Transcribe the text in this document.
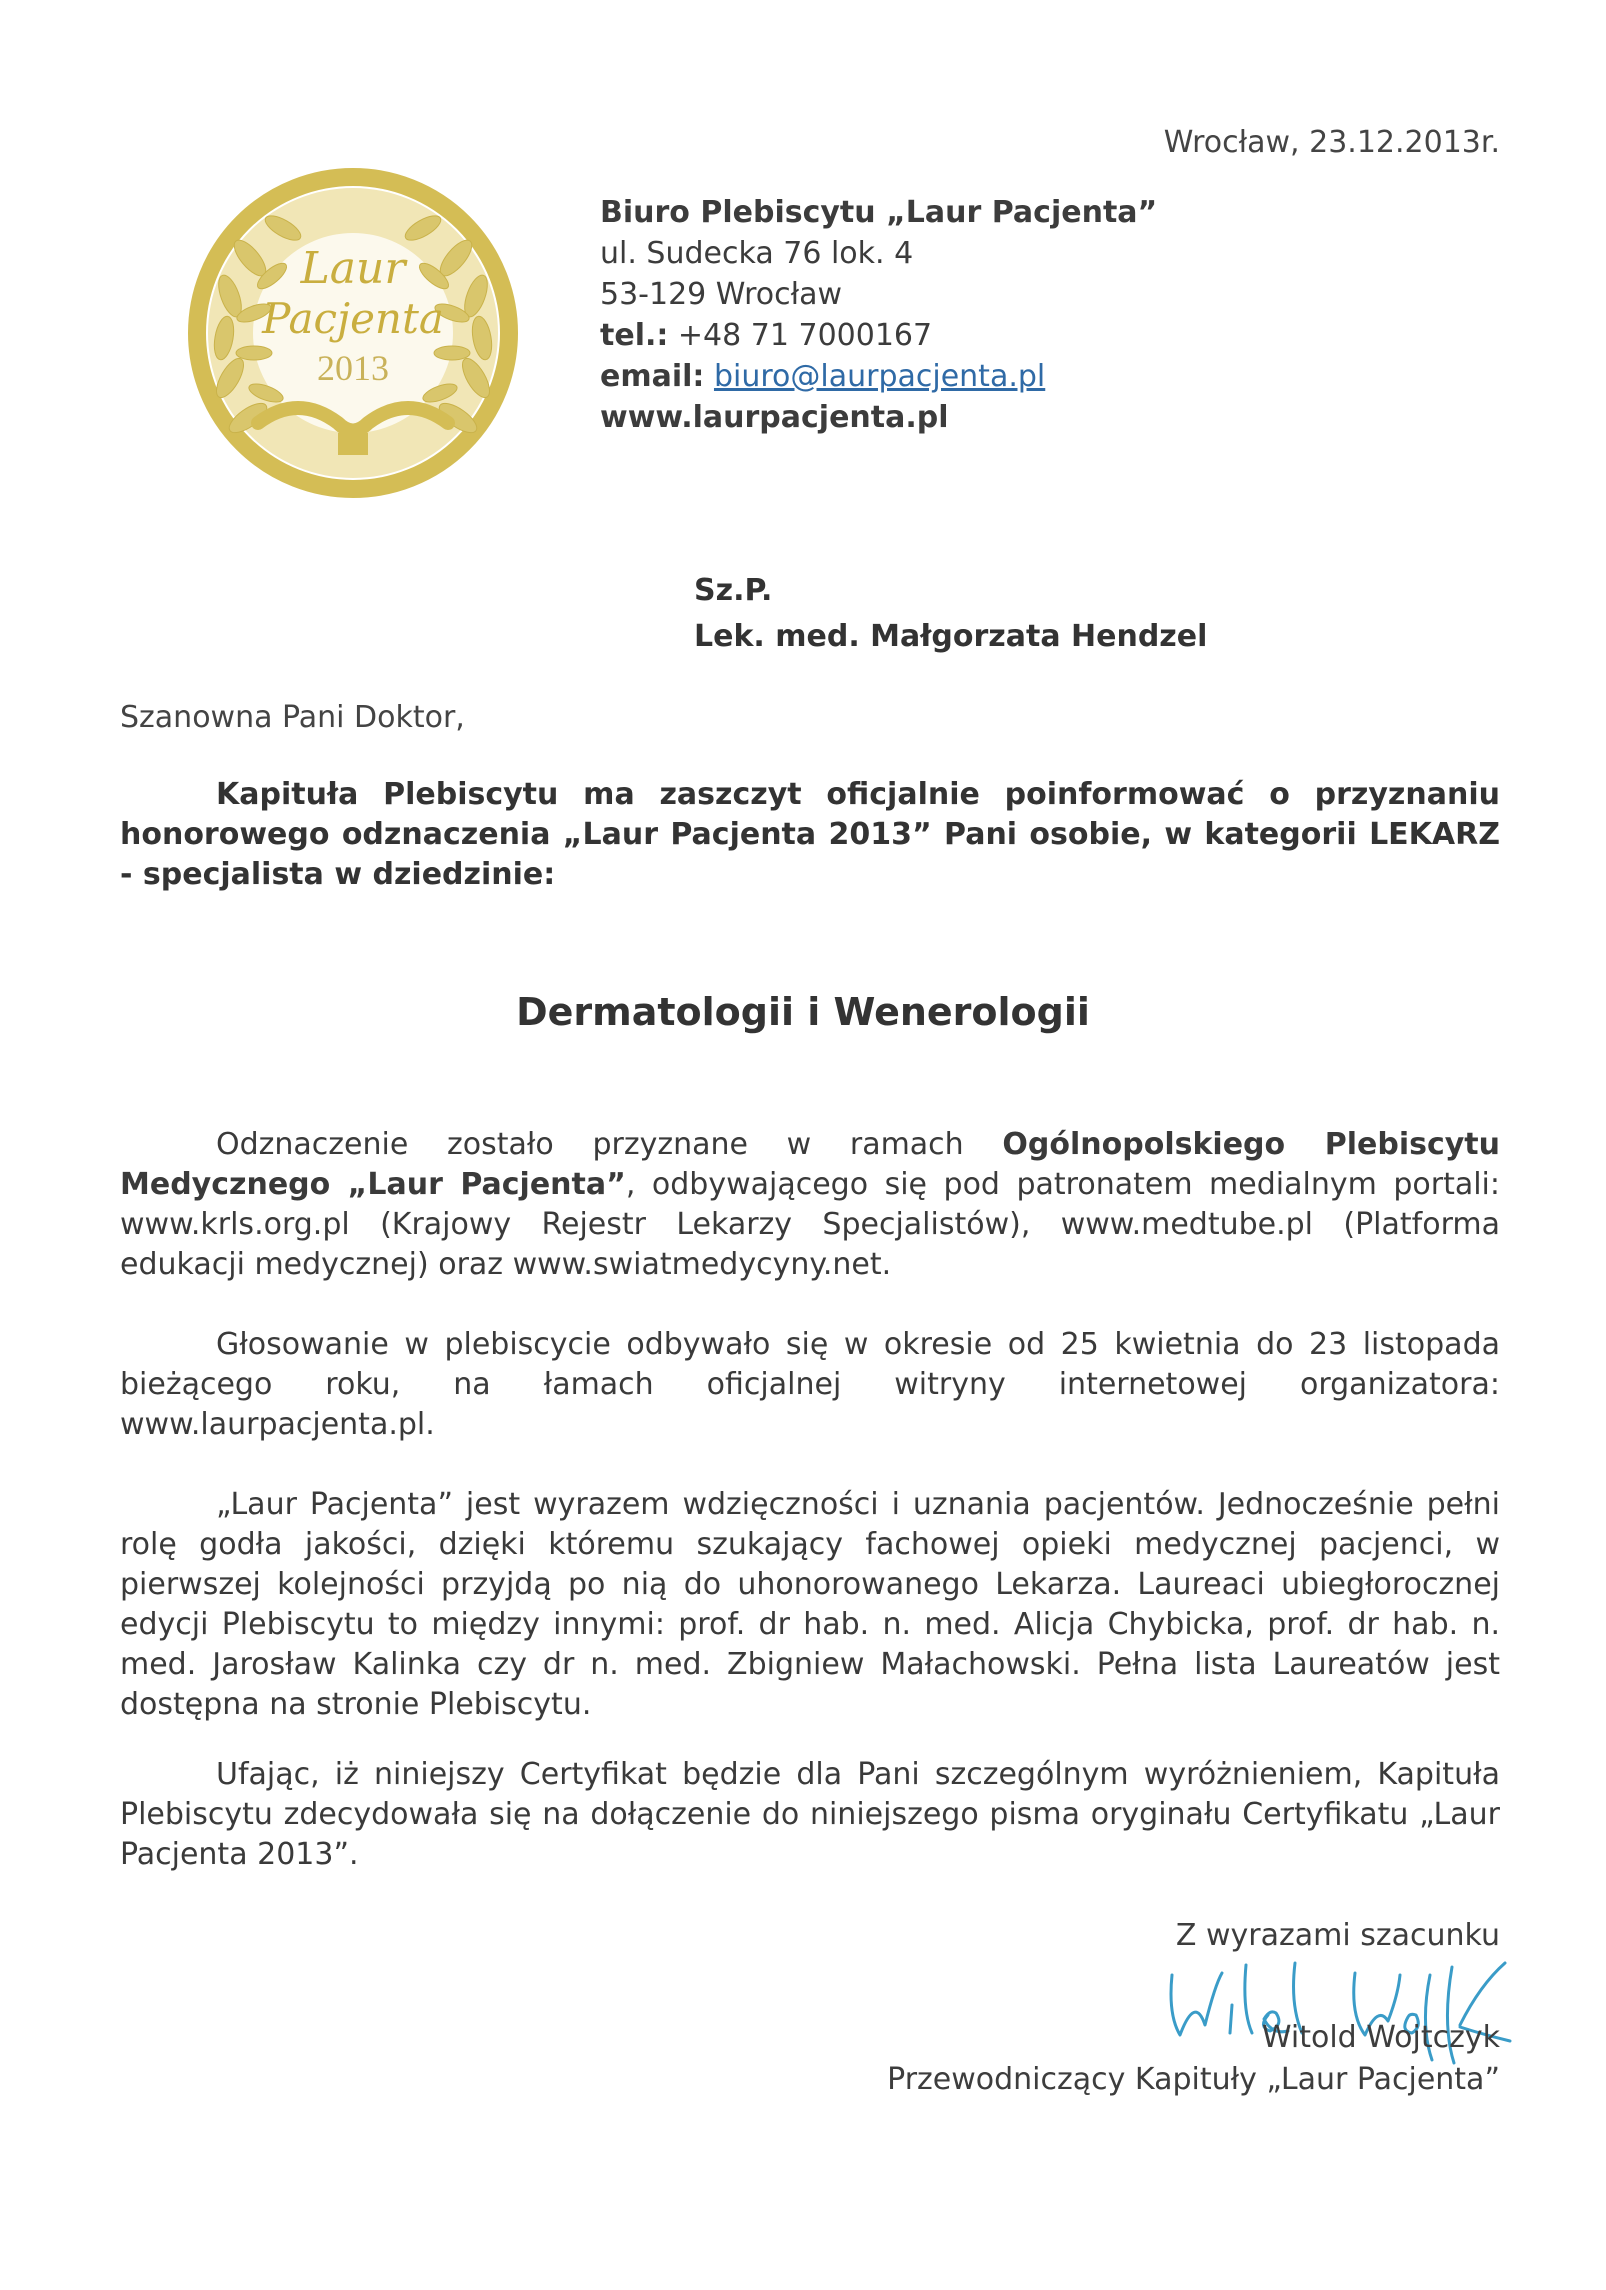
Wrocław, 23.12.2013r.
Laur
Pacjenta
2013
Biuro Plebiscytu „Laur Pacjenta”
ul. Sudecka 76 lok. 4
53-129 Wrocław
tel.: +48 71 7000167
email: biuro@laurpacjenta.pl
www.laurpacjenta.pl
Sz.P.
Lek. med. Małgorzata Hendzel
Szanowna Pani Doktor,
Kapituła Plebiscytu ma zaszczyt oficjalnie poinformować o przyznaniu honorowego odznaczenia „Laur Pacjenta 2013” Pani osobie, w kategorii LEKARZ - specjalista w dziedzinie:
Dermatologii i Wenerologii
Odznaczenie zostało przyznane w ramach Ogólnopolskiego Plebiscytu Medycznego „Laur Pacjenta”, odbywającego się pod patronatem medialnym portali: www.krls.org.pl (Krajowy Rejestr Lekarzy Specjalistów), www.medtube.pl (Platforma edukacji medycznej) oraz www.swiatmedycyny.net.
Głosowanie w plebiscycie odbywało się w okresie od 25 kwietnia do 23 listopada bieżącego roku, na łamach oficjalnej witryny internetowej organizatora: www.laurpacjenta.pl.
„Laur Pacjenta” jest wyrazem wdzięczności i uznania pacjentów. Jednocześnie pełni rolę godła jakości, dzięki któremu szukający fachowej opieki medycznej pacjenci, w pierwszej kolejności przyjdą po nią do uhonorowanego Lekarza. Laureaci ubiegłorocznej edycji Plebiscytu to między innymi: prof. dr hab. n. med. Alicja Chybicka, prof. dr hab. n. med. Jarosław Kalinka czy dr n. med. Zbigniew Małachowski. Pełna lista Laureatów jest dostępna na stronie Plebiscytu.
Ufając, iż niniejszy Certyfikat będzie dla Pani szczególnym wyróżnieniem, Kapituła Plebiscytu zdecydowała się na dołączenie do niniejszego pisma oryginału Certyfikatu „Laur Pacjenta 2013”.
Z wyrazami szacunku
Witold Wojtczyk
Przewodniczący Kapituły „Laur Pacjenta”
